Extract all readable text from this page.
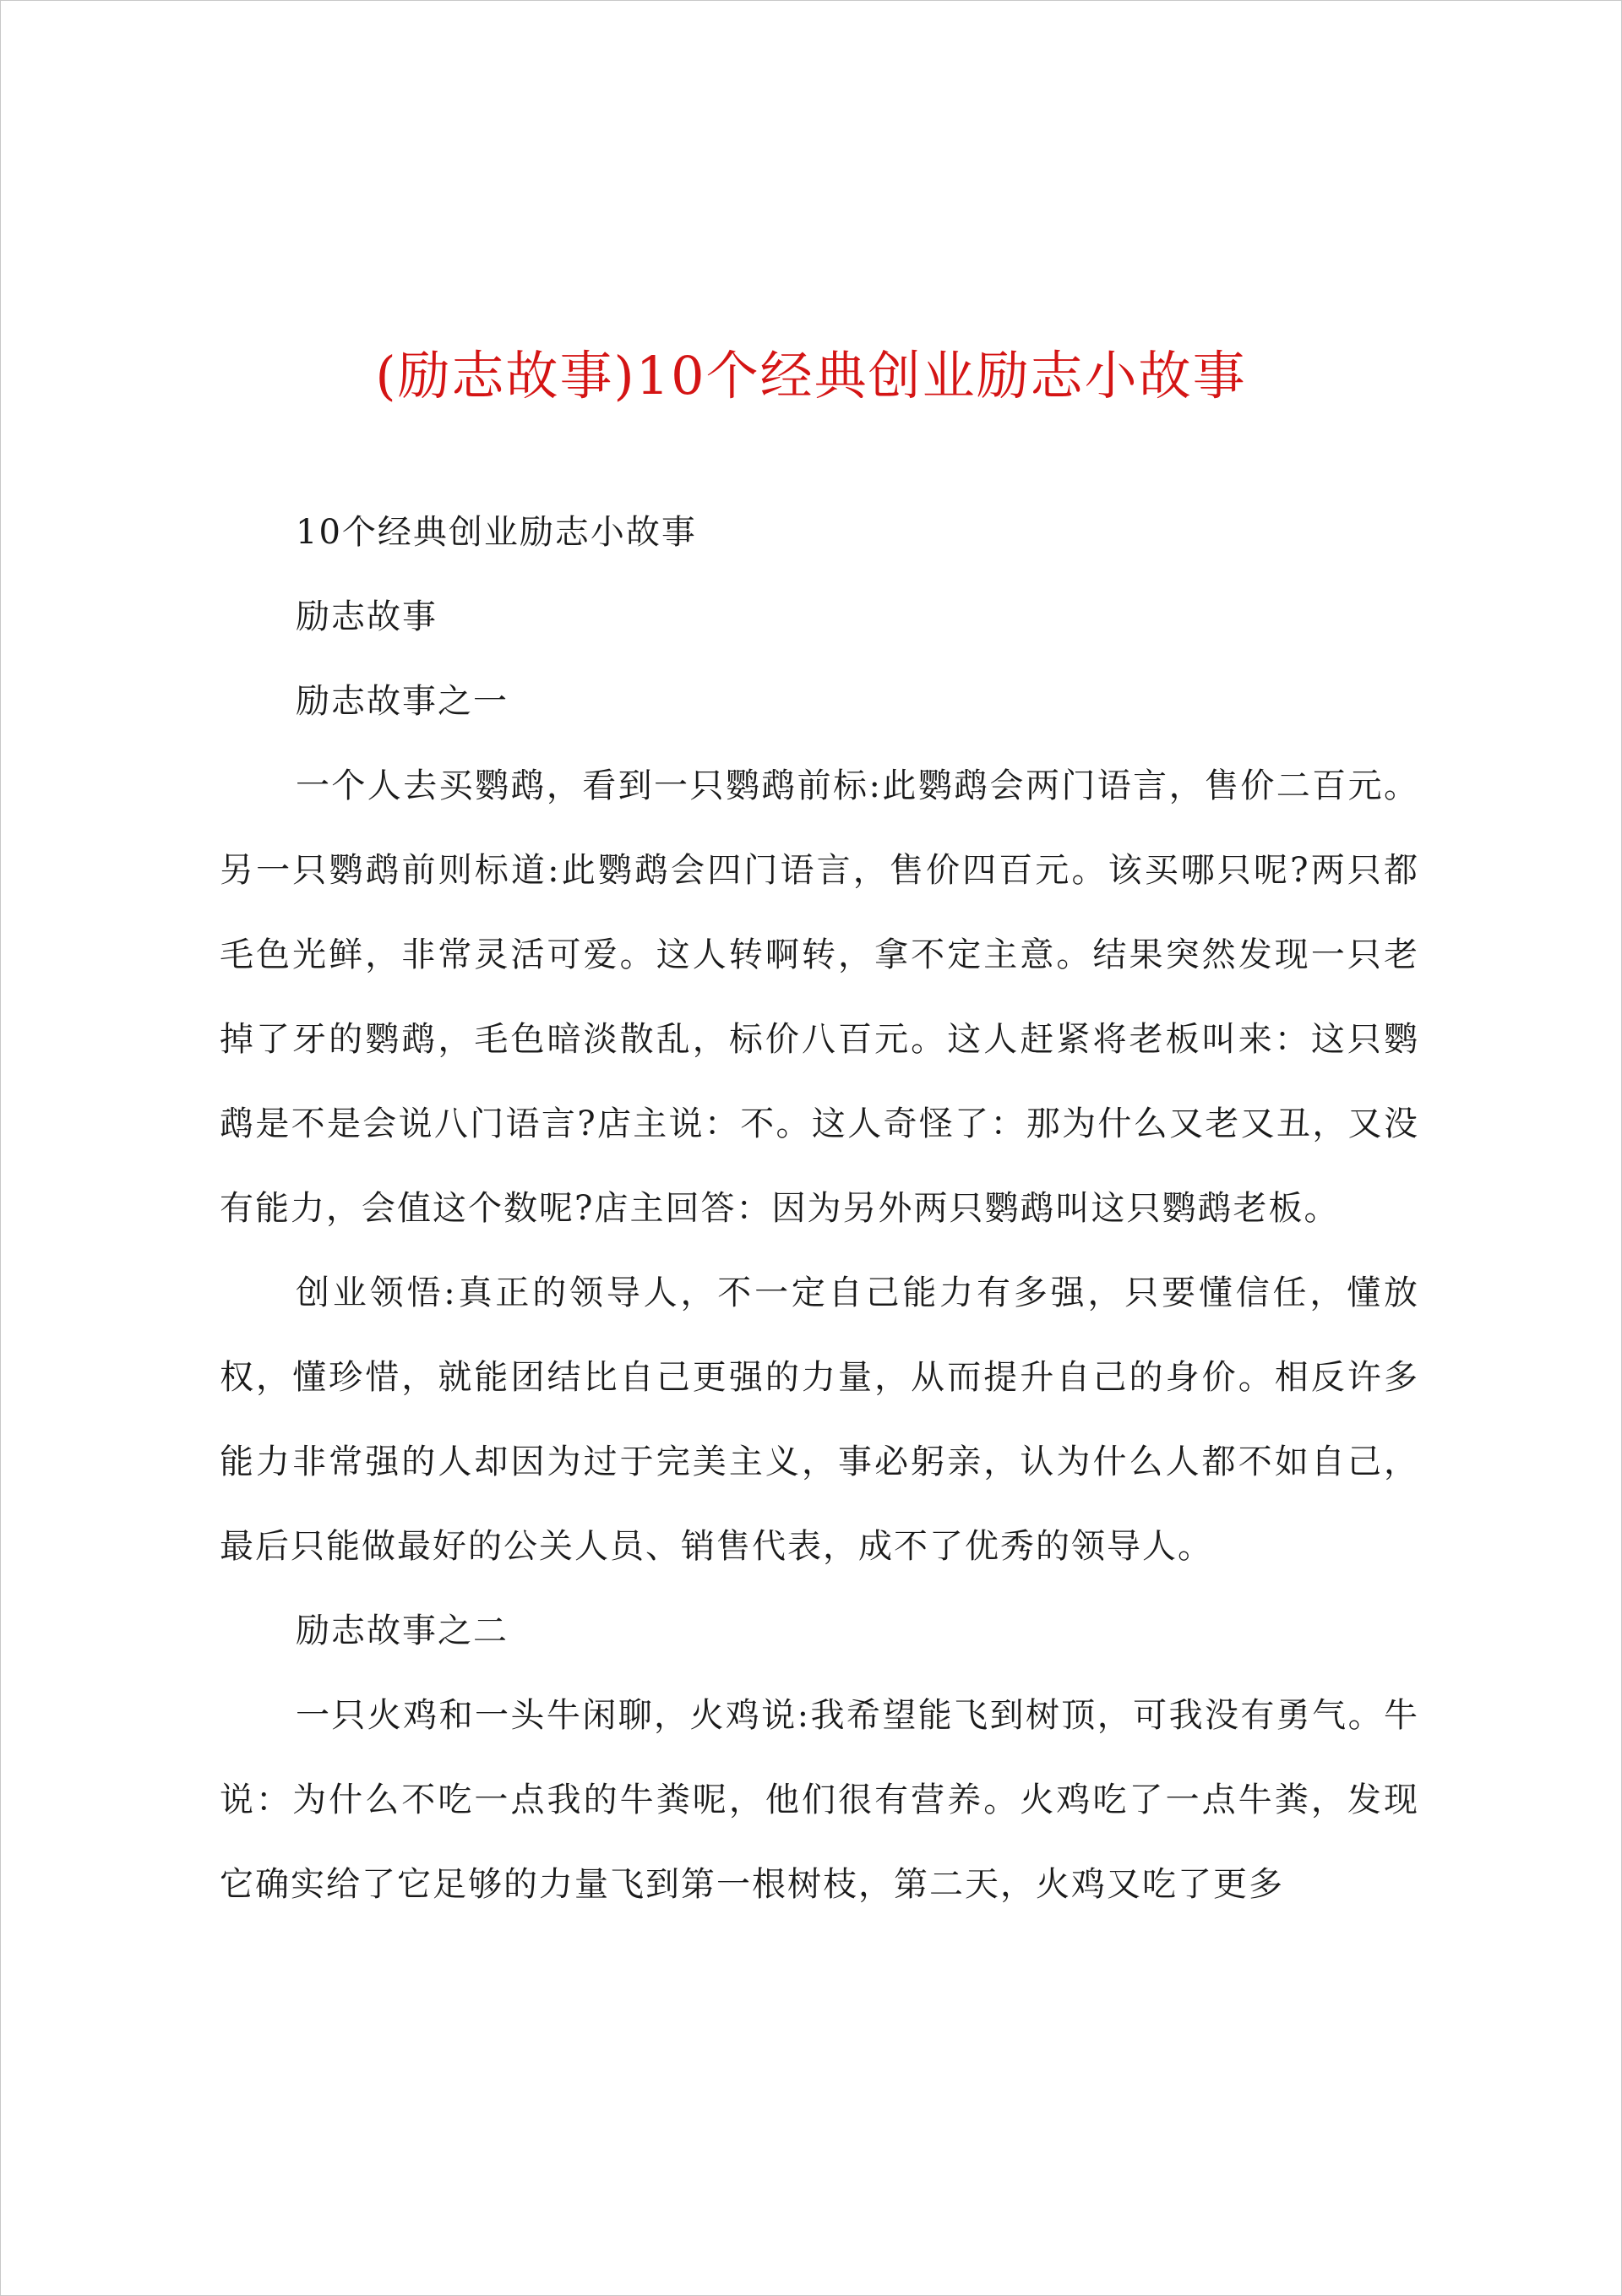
(励志故事)10个经典创业励志小故事

10个经典创业励志小故事

励志故事

励志故事之一

一个人去买鹦鹉，看到一只鹦鹉前标:此鹦鹉会两门语言，售价二百元。另一只鹦鹉前则标道:此鹦鹉会四门语言，售价四百元。该买哪只呢?两只都毛色光鲜，非常灵活可爱。这人转啊转，拿不定主意。结果突然发现一只老掉了牙的鹦鹉，毛色暗淡散乱，标价八百元。这人赶紧将老板叫来：这只鹦鹉是不是会说八门语言?店主说：不。这人奇怪了：那为什么又老又丑，又没有能力，会值这个数呢?店主回答：因为另外两只鹦鹉叫这只鹦鹉老板。

创业领悟:真正的领导人，不一定自己能力有多强，只要懂信任，懂放权，懂珍惜，就能团结比自己更强的力量，从而提升自己的身价。相反许多能力非常强的人却因为过于完美主义，事必躬亲，认为什么人都不如自己，最后只能做最好的公关人员、销售代表，成不了优秀的领导人。

励志故事之二

一只火鸡和一头牛闲聊，火鸡说:我希望能飞到树顶，可我没有勇气。牛说：为什么不吃一点我的牛粪呢，他们很有营养。火鸡吃了一点牛粪，发现它确实给了它足够的力量飞到第一根树枝，第二天，火鸡又吃了更多
